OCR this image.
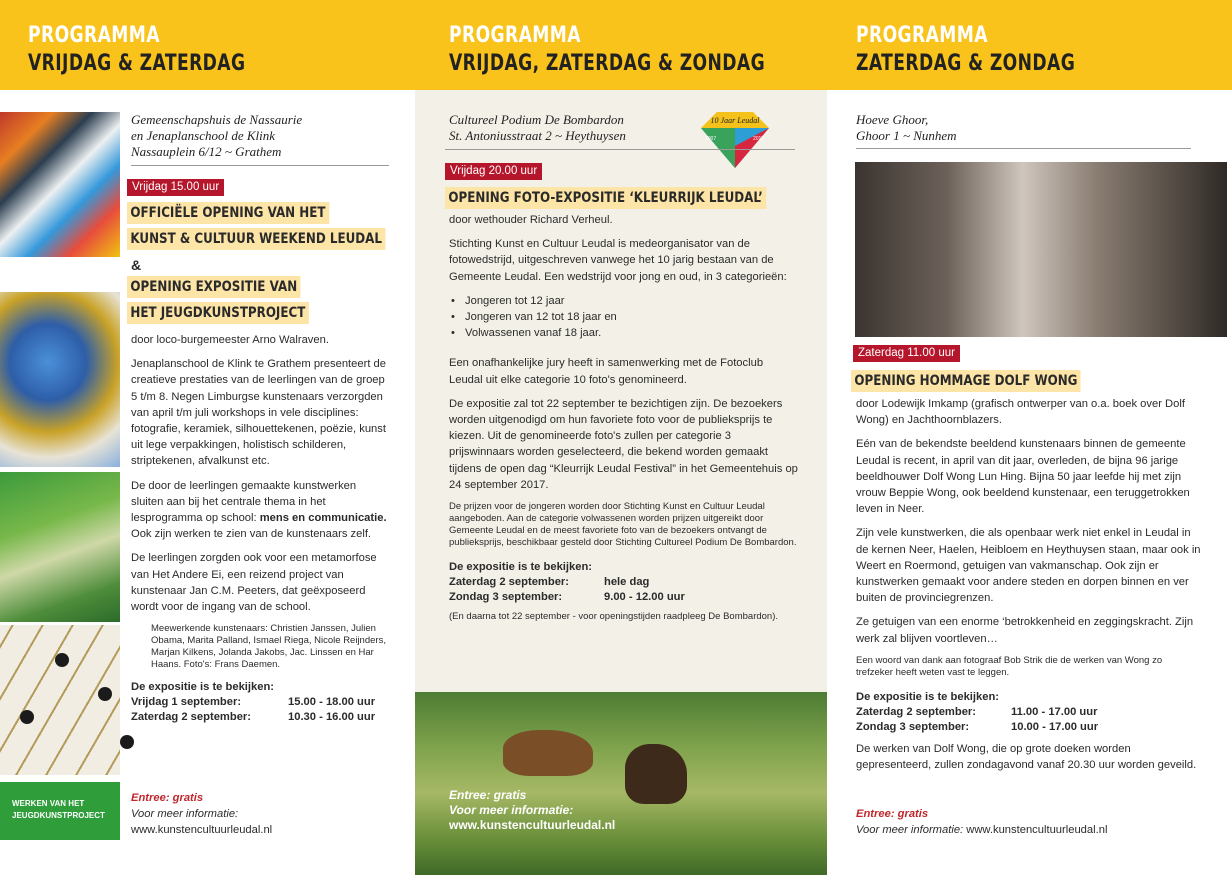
PROGRAMMA
VRIJDAG & ZATERDAG
PROGRAMMA
VRIJDAG, ZATERDAG & ZONDAG
PROGRAMMA
ZATERDAG & ZONDAG
WERKEN VAN HET JEUGDKUNSTPROJECT
Gemeenschapshuis de Nassaurie
en Jenaplanschool de Klink
Nassauplein 6/12 ~ Grathem
Vrijdag 15.00 uur
OFFICIËLE OPENING VAN HET
KUNST & CULTUUR WEEKEND LEUDAL
&
OPENING EXPOSITIE VAN
HET JEUGDKUNSTPROJECT

door loco-burgemeester Arno Walraven.

Jenaplanschool de Klink te Grathem presenteert de creatieve prestaties van de leerlingen van de groep 5 t/m 8. Negen Limburgse kunstenaars verzorgden van april t/m juli workshops in vele disciplines: fotografie, keramiek, silhouettekenen, poëzie, kunst uit lege verpakkingen, holistisch schilderen, striptekenen, afvalkunst etc.

De door de leerlingen gemaakte kunstwerken sluiten aan bij het centrale thema in het lesprogramma op school: mens en communicatie. Ook zijn werken te zien van de kunstenaars zelf.

De leerlingen zorgden ook voor een metamorfose van Het Andere Ei, een reizend project van kunstenaar Jan C.M. Peeters, dat geëxposeerd wordt voor de ingang van de school.

Meewerkende kunstenaars: Christien Janssen, Julien Obama, Marita Palland, Ismael Riega, Nicole Reijnders, Marjan Kilkens, Jolanda Jakobs, Jac. Linssen en Har Haans. Foto's: Frans Daemen.

De expositie is te bekijken:
Vrijdag 1 september:	15.00 - 18.00 uur
Zaterdag 2 september:	10.30 - 16.00 uur
Entree: gratis
Voor meer informatie:
www.kunstencultuurleudal.nl
Cultureel Podium De Bombardon
St. Antoniusstraat 2 ~ Heythuysen
10 Jaar Leudal
2007	2017
Vrijdag 20.00 uur
OPENING FOTO-EXPOSITIE ‘KLEURRIJK LEUDAL’

door wethouder Richard Verheul.

Stichting Kunst en Cultuur Leudal is medeorganisator van de fotowedstrijd, uitgeschreven vanwege het 10 jarig bestaan van de Gemeente Leudal. Een wedstrijd voor jong en oud, in 3 categorieën:

• Jongeren tot 12 jaar
• Jongeren van 12 tot 18 jaar en
• Volwassenen vanaf 18 jaar.

Een onafhankelijke jury heeft in samenwerking met de Fotoclub Leudal uit elke categorie 10 foto's genomineerd.

De expositie zal tot 22 september te bezichtigen zijn. De bezoekers worden uitgenodigd om hun favoriete foto voor de publieksprijs te kiezen. Uit de genomineerde foto's zullen per categorie 3 prijswinnaars worden geselecteerd, die bekend worden gemaakt tijdens de open dag “Kleurrijk Leudal Festival” in het Gemeentehuis op 24 september 2017.

De prijzen voor de jongeren worden door Stichting Kunst en Cultuur Leudal aangeboden. Aan de categorie volwassenen worden prijzen uitgereikt door Gemeente Leudal en de meest favoriete foto van de bezoekers ontvangt de publieksprijs, beschikbaar gesteld door Stichting Cultureel Podium De Bombardon.

De expositie is te bekijken:
Zaterdag 2 september:	hele dag
Zondag 3 september:	9.00 - 12.00 uur

(En daarna tot 22 september - voor openingstijden raadpleeg De Bombardon).

Entree: gratis
Voor meer informatie:
www.kunstencultuurleudal.nl
Hoeve Ghoor,
Ghoor 1 ~ Nunhem
Zaterdag 11.00 uur
OPENING HOMMAGE DOLF WONG

door Lodewijk Imkamp (grafisch ontwerper van o.a. boek over Dolf Wong) en Jachthoornblazers.

Eén van de bekendste beeldend kunstenaars binnen de gemeente Leudal is recent, in april van dit jaar, overleden, de bijna 96 jarige beeldhouwer Dolf Wong Lun Hing. Bijna 50 jaar leefde hij met zijn vrouw Beppie Wong, ook beeldend kunstenaar, een teruggetrokken leven in Neer.

Zijn vele kunstwerken, die als openbaar werk niet enkel in Leudal in de kernen Neer, Haelen, Heibloem en Heythuysen staan, maar ook in Weert en Roermond, getuigen van vakmanschap. Ook zijn er kunstwerken gemaakt voor andere steden en dorpen binnen en ver buiten de provinciegrenzen.

Ze getuigen van een enorme ‘betrokkenheid en zeggingskracht. Zijn werk zal blijven voortleven…

Een woord van dank aan fotograaf Bob Strik die de werken van Wong zo trefzeker heeft weten vast te leggen.

De expositie is te bekijken:
Zaterdag 2 september:	11.00 - 17.00 uur
Zondag 3 september:	10.00 - 17.00 uur

De werken van Dolf Wong, die op grote doeken worden gepresenteerd, zullen zondagavond vanaf 20.30 uur worden geveild.

Entree: gratis
Voor meer informatie: www.kunstencultuurleudal.nl
